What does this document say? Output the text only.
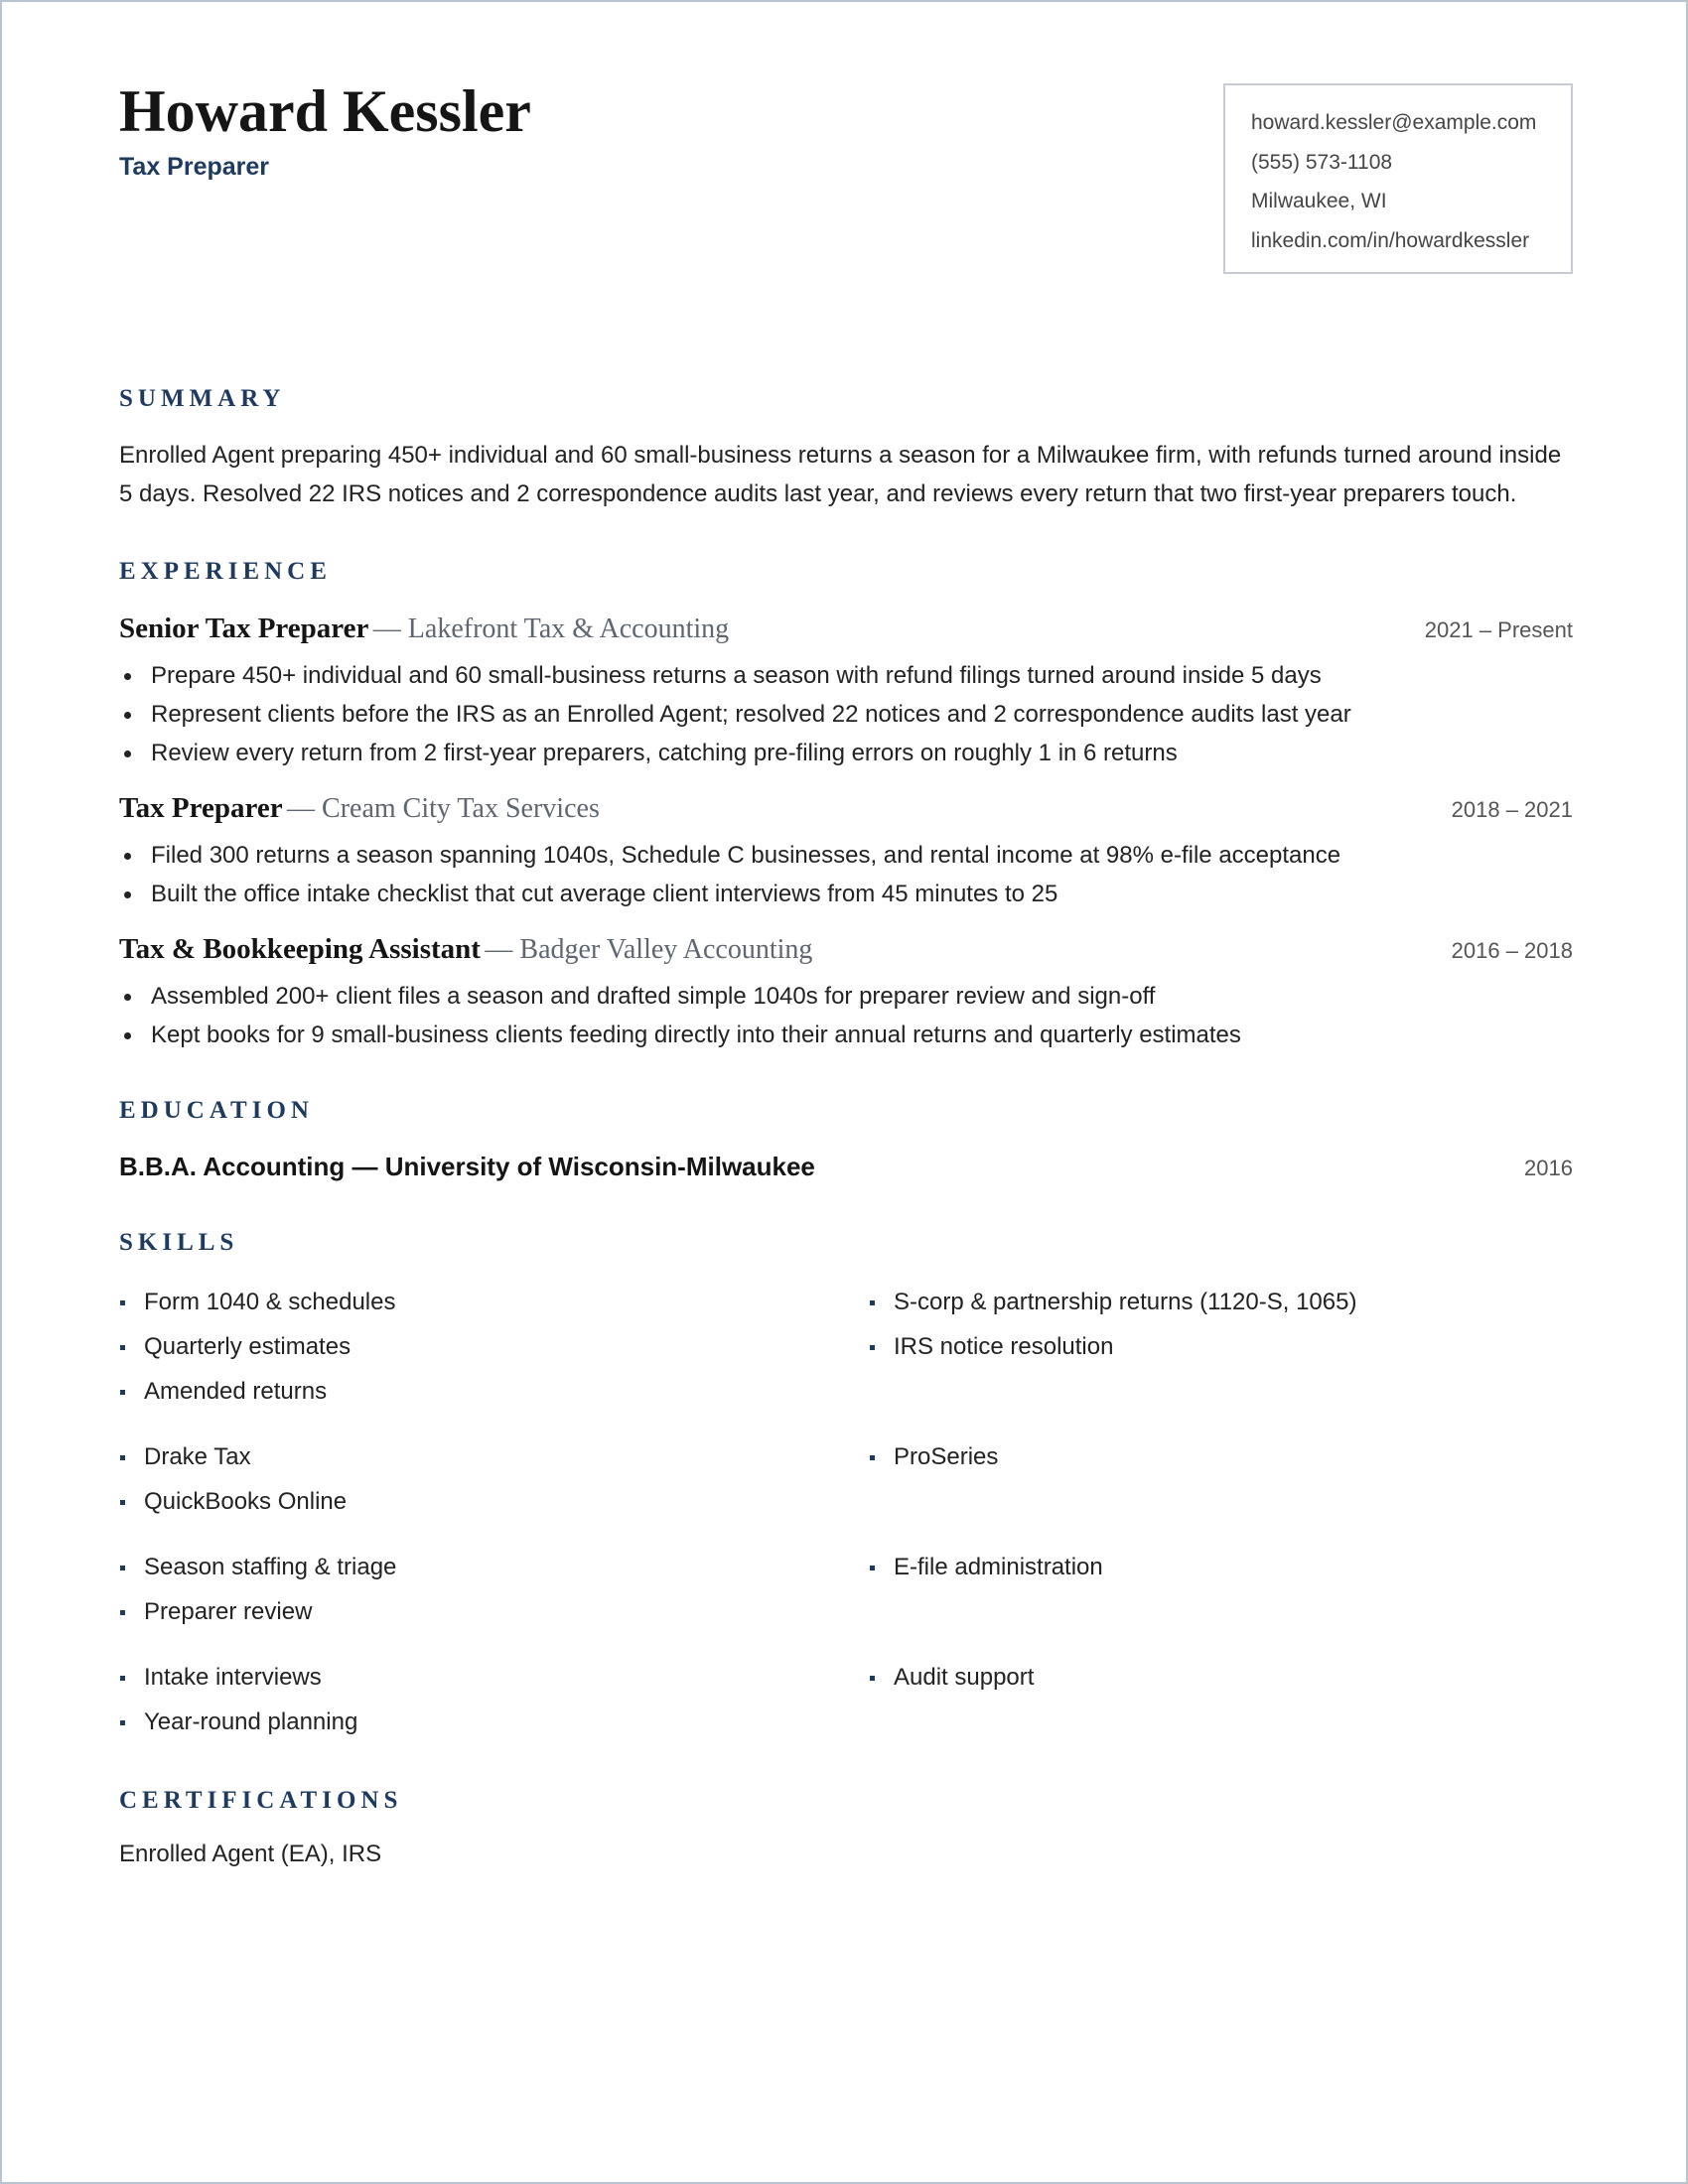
Howard Kessler
Tax Preparer
howard.kessler@example.com
(555) 573-1108
Milwaukee, WI
linkedin.com/in/howardkessler
SUMMARY

Enrolled Agent preparing 450+ individual and 60 small-business returns a season for a Milwaukee firm, with refunds turned around inside 5 days. Resolved 22 IRS notices and 2 correspondence audits last year, and reviews every return that two first-year preparers touch.

EXPERIENCE
Senior Tax Preparer — Lakefront Tax & Accounting	2021 – Present
Prepare 450+ individual and 60 small-business returns a season with refund filings turned around inside 5 days
Represent clients before the IRS as an Enrolled Agent; resolved 22 notices and 2 correspondence audits last year
Review every return from 2 first-year preparers, catching pre-filing errors on roughly 1 in 6 returns
Tax Preparer — Cream City Tax Services	2018 – 2021
Filed 300 returns a season spanning 1040s, Schedule C businesses, and rental income at 98% e-file acceptance
Built the office intake checklist that cut average client interviews from 45 minutes to 25
Tax & Bookkeeping Assistant — Badger Valley Accounting	2016 – 2018
Assembled 200+ client files a season and drafted simple 1040s for preparer review and sign-off
Kept books for 9 small-business clients feeding directly into their annual returns and quarterly estimates
EDUCATION
B.B.A. Accounting — University of Wisconsin-Milwaukee	2016
SKILLS
Form 1040 & schedules
Quarterly estimates
Amended returns
S-corp & partnership returns (1120-S, 1065)
IRS notice resolution
Drake Tax
QuickBooks Online
ProSeries
Season staffing & triage
Preparer review
E-file administration
Intake interviews
Year-round planning
Audit support
CERTIFICATIONS
Enrolled Agent (EA), IRS
